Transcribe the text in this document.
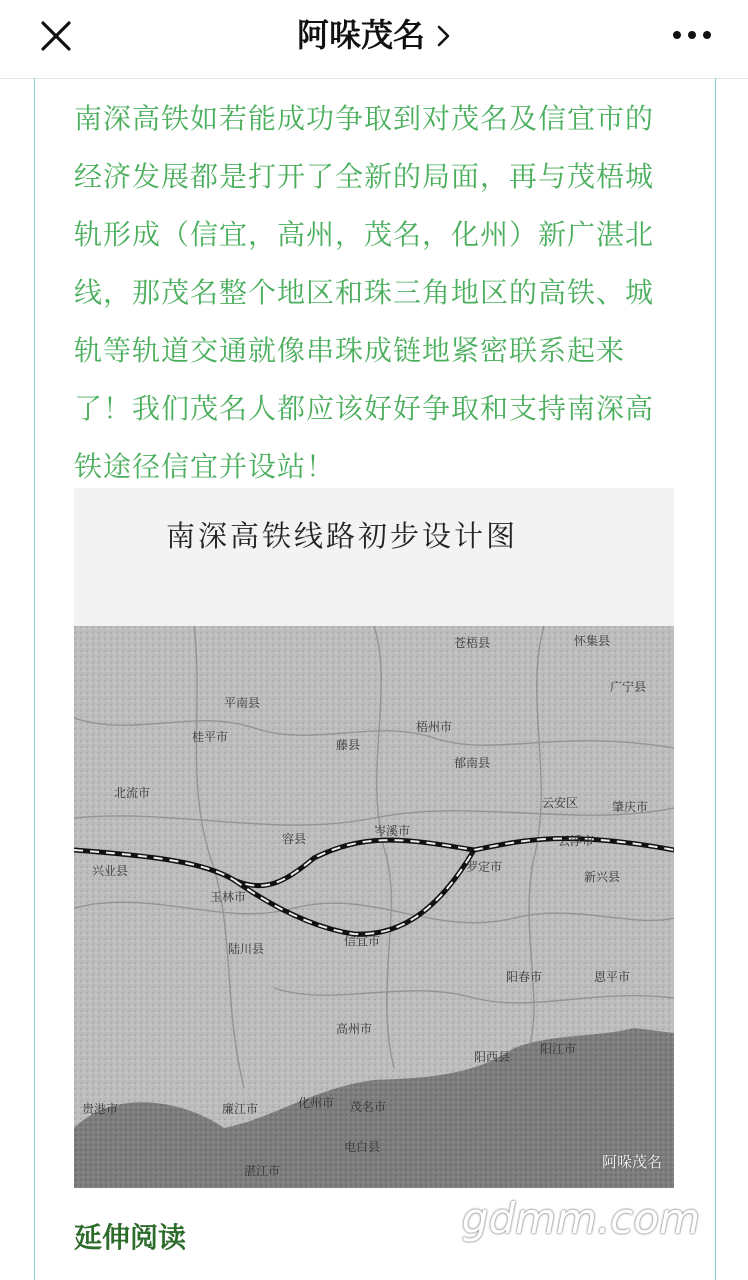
阿哚茂名
南深高铁如若能成功争取到对茂名及信宜市的经济发展都是打开了全新的局面，再与茂梧城轨形成（信宜，高州，茂名，化州）新广湛北线，那茂名整个地区和珠三角地区的高铁、城轨等轨道交通就像串珠成链地紧密联系起来了！我们茂名人都应该好好争取和支持南深高铁途径信宜并设站！
南深高铁线路初步设计图
苍梧县
平南县
藤县
梧州市
岑溪市
郁南县
云安区
桂平市
容县
信宜市
罗定市
云浮市
玉林市
兴业县
北流市
陆川县
阳春市
高州市
阳西县
阳江市
化州市 茂名市
廉江市
电白县
湛江市
贵港市
新兴县
恩平市
肇庆市
怀集县
广宁县
阿哚茂名
延伸阅读	gdmm.com
